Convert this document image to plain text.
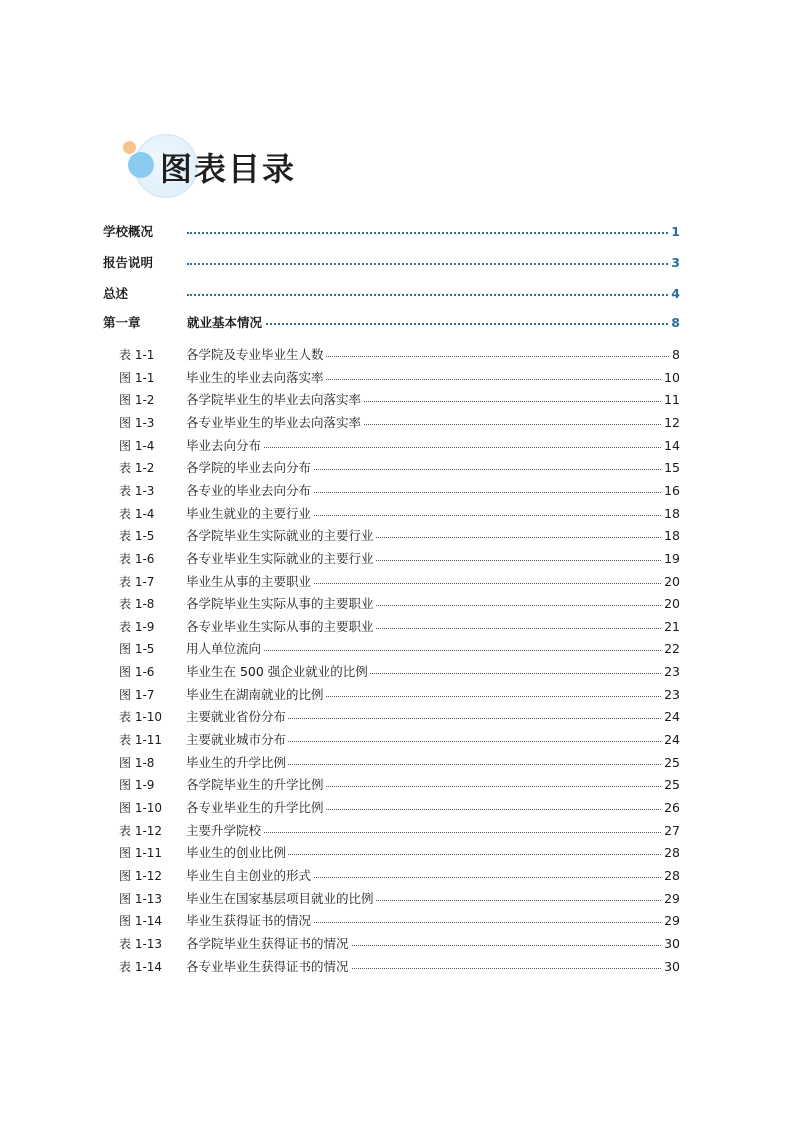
图表目录
学校概况	1
报告说明	3
总述	4
第一章	就业基本情况	8
表 1-1	各学院及专业毕业生人数	8
图 1-1	毕业生的毕业去向落实率	10
图 1-2	各学院毕业生的毕业去向落实率	11
图 1-3	各专业毕业生的毕业去向落实率	12
图 1-4	毕业去向分布	14
表 1-2	各学院的毕业去向分布	15
表 1-3	各专业的毕业去向分布	16
表 1-4	毕业生就业的主要行业	18
表 1-5	各学院毕业生实际就业的主要行业	18
表 1-6	各专业毕业生实际就业的主要行业	19
表 1-7	毕业生从事的主要职业	20
表 1-8	各学院毕业生实际从事的主要职业	20
表 1-9	各专业毕业生实际从事的主要职业	21
图 1-5	用人单位流向	22
图 1-6	毕业生在 500 强企业就业的比例	23
图 1-7	毕业生在湖南就业的比例	23
表 1-10 主要就业省份分布	24
表 1-11 主要就业城市分布	24
图 1-8	毕业生的升学比例	25
图 1-9	各学院毕业生的升学比例	25
图 1-10 各专业毕业生的升学比例	26
表 1-12 主要升学院校	27
图 1-11 毕业生的创业比例	28
图 1-12 毕业生自主创业的形式	28
图 1-13 毕业生在国家基层项目就业的比例	29
图 1-14 毕业生获得证书的情况	29
表 1-13 各学院毕业生获得证书的情况	30
表 1-14 各专业毕业生获得证书的情况	30
